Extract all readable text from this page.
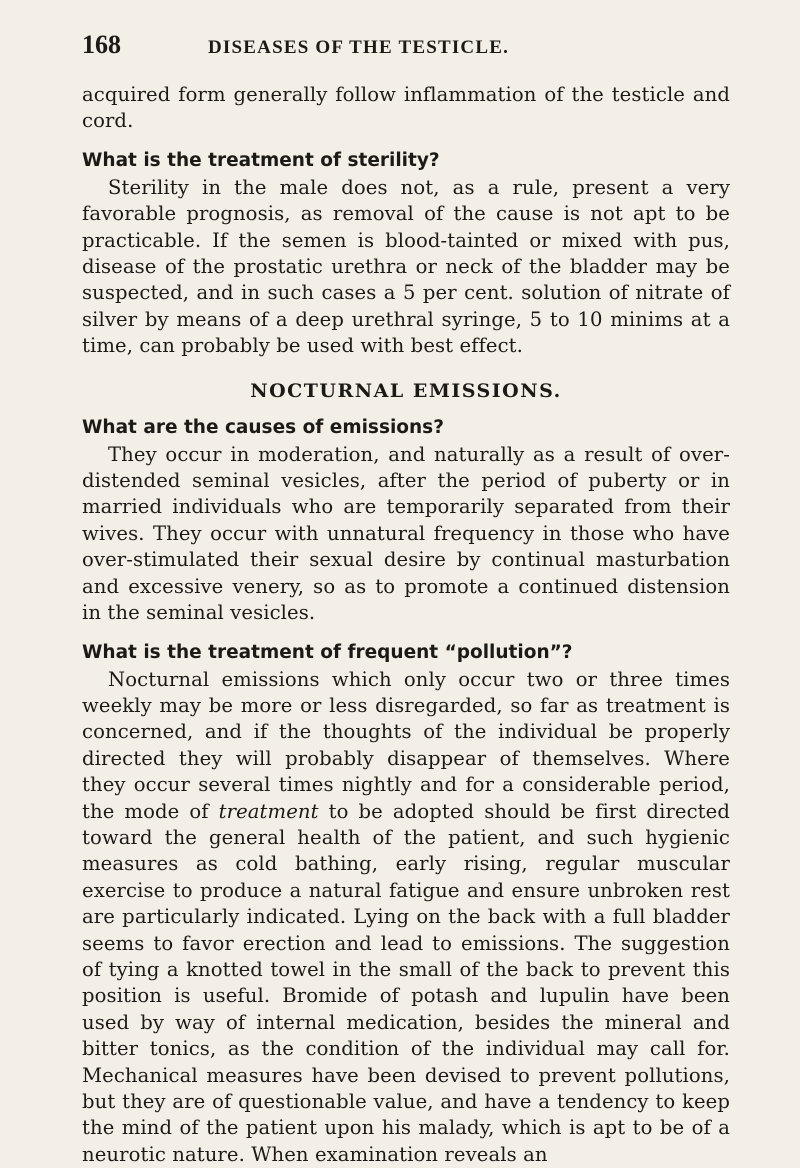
168	DISEASES OF THE TESTICLE.

acquired form generally follow inflammation of the testicle and cord.

What is the treatment of sterility?

Sterility in the male does not, as a rule, present a very favorable prognosis, as removal of the cause is not apt to be practicable. If the semen is blood-tainted or mixed with pus, disease of the prostatic urethra or neck of the bladder may be suspected, and in such cases a 5 per cent. solution of nitrate of silver by means of a deep urethral syringe, 5 to 10 minims at a time, can probably be used with best effect.

NOCTURNAL EMISSIONS.
What are the causes of emissions?

They occur in moderation, and naturally as a result of over-distended seminal vesicles, after the period of puberty or in married individuals who are temporarily separated from their wives. They occur with unnatural frequency in those who have over-stimulated their sexual desire by continual masturbation and excessive venery, so as to promote a continued distension in the seminal vesicles.

What is the treatment of frequent “pollution”?

Nocturnal emissions which only occur two or three times weekly may be more or less disregarded, so far as treatment is concerned, and if the thoughts of the individual be properly directed they will probably disappear of themselves. Where they occur several times nightly and for a considerable period, the mode of treatment to be adopted should be first directed toward the general health of the patient, and such hygienic measures as cold bathing, early rising, regular muscular exercise to produce a natural fatigue and ensure unbroken rest are particularly indicated. Lying on the back with a full bladder seems to favor erection and lead to emissions. The suggestion of tying a knotted towel in the small of the back to prevent this position is useful. Bromide of potash and lupulin have been used by way of internal medication, besides the mineral and bitter tonics, as the condition of the individual may call for. Mechanical measures have been devised to prevent pollutions, but they are of questionable value, and have a tendency to keep the mind of the patient upon his malady, which is apt to be of a neurotic nature. When examination reveals an
